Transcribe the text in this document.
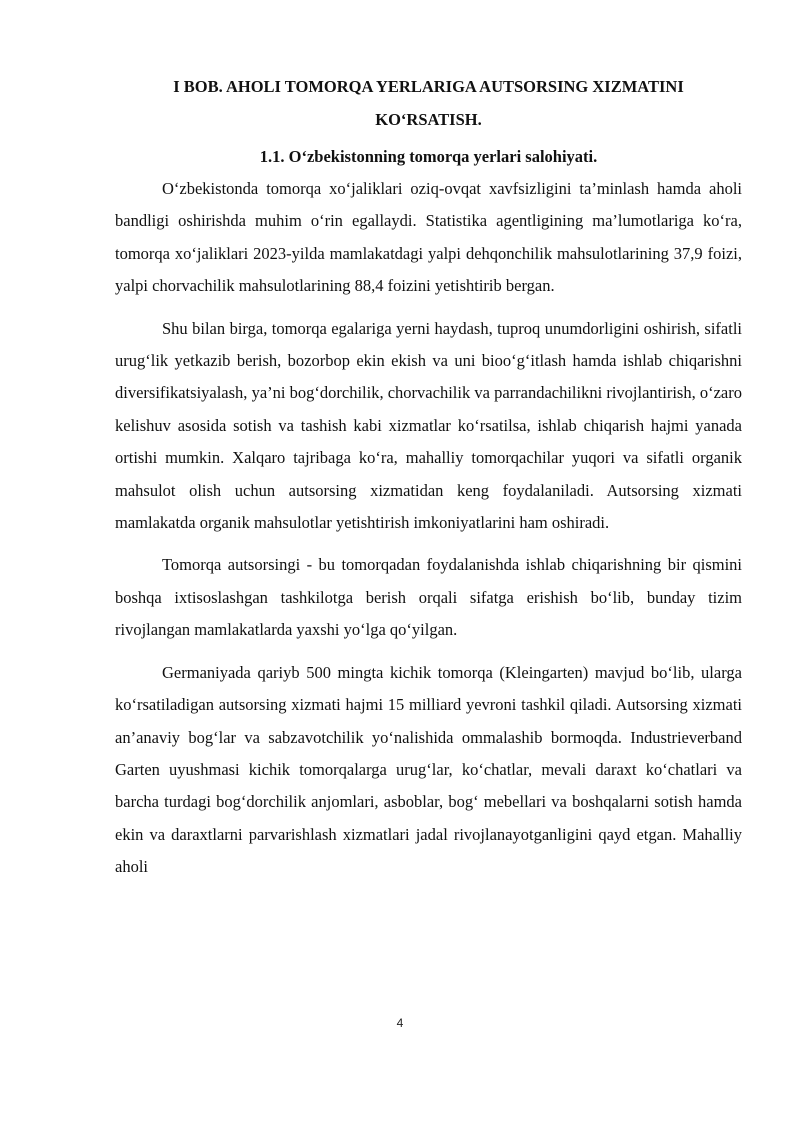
I BOB. AHOLI TOMORQA YERLARIGA AUTSORSING XIZMATINI
KO‘RSATISH.
1.1. O‘zbekistonning tomorqa yerlari salohiyati.

O‘zbekistonda tomorqa xo‘jaliklari oziq-ovqat xavfsizligini ta’minlash hamda aholi bandligi oshirishda muhim o‘rin egallaydi. Statistika agentligining ma’lumotlariga ko‘ra, tomorqa xo‘jaliklari 2023-yilda mamlakatdagi yalpi dehqonchilik mahsulotlarining 37,9 foizi, yalpi chorvachilik mahsulotlarining 88,4 foizini yetishtirib bergan.

Shu bilan birga, tomorqa egalariga yerni haydash, tuproq unumdorligini oshirish, sifatli urug‘lik yetkazib berish, bozorbop ekin ekish va uni bioo‘g‘itlash hamda ishlab chiqarishni diversifikatsiyalash, ya’ni bog‘dorchilik, chorvachilik va parrandachilikni rivojlantirish, o‘zaro kelishuv asosida sotish va tashish kabi xizmatlar ko‘rsatilsa, ishlab chiqarish hajmi yanada ortishi mumkin. Xalqaro tajribaga ko‘ra, mahalliy tomorqachilar yuqori va sifatli organik mahsulot olish uchun autsorsing xizmatidan keng foydalaniladi. Autsorsing xizmati mamlakatda organik mahsulotlar yetishtirish imkoniyatlarini ham oshiradi.

Tomorqa autsorsingi - bu tomorqadan foydalanishda ishlab chiqarishning bir qismini boshqa ixtisoslashgan tashkilotga berish orqali sifatga erishish bo‘lib, bunday tizim rivojlangan mamlakatlarda yaxshi yo‘lga qo‘yilgan.

Germaniyada qariyb 500 mingta kichik tomorqa (Kleingarten) mavjud bo‘lib, ularga ko‘rsatiladigan autsorsing xizmati hajmi 15 milliard yevroni tashkil qiladi. Autsorsing xizmati an’anaviy bog‘lar va sabzavotchilik yo‘nalishida ommalashib bormoqda. Industrieverband Garten uyushmasi kichik tomorqalarga urug‘lar, ko‘chatlar, mevali daraxt ko‘chatlari va barcha turdagi bog‘dorchilik anjomlari, asboblar, bog‘ mebellari va boshqalarni sotish hamda ekin va daraxtlarni parvarishlash xizmatlari jadal rivojlanayotganligini qayd etgan. Mahalliy aholi

4
